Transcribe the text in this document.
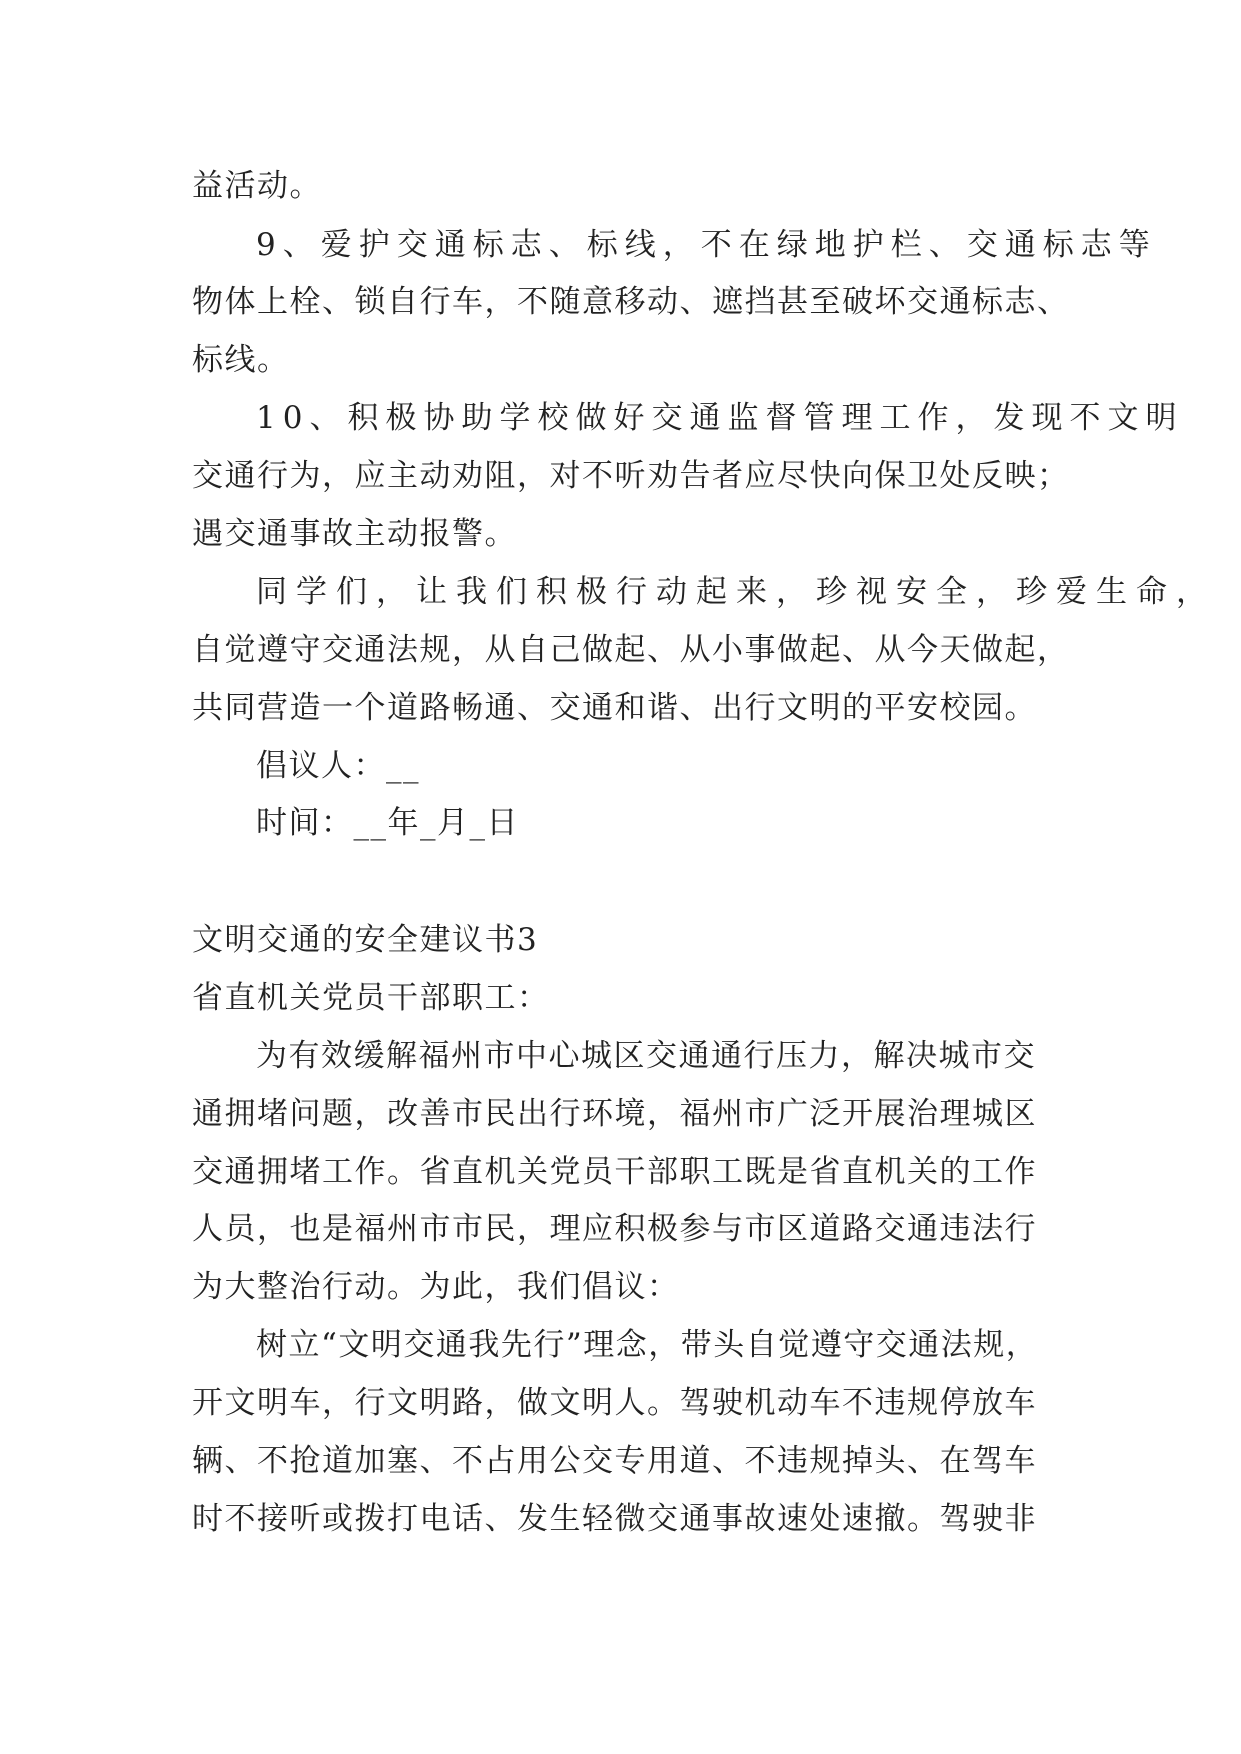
益活动。
9、爱护交通标志、标线，不在绿地护栏、交通标志等
物体上栓、锁自行车，不随意移动、遮挡甚至破坏交通标志、
标线。
10、积极协助学校做好交通监督管理工作，发现不文明
交通行为，应主动劝阻，对不听劝告者应尽快向保卫处反映；
遇交通事故主动报警。
同学们，让我们积极行动起来，珍视安全，珍爱生命，
自觉遵守交通法规，从自己做起、从小事做起、从今天做起，
共同营造一个道路畅通、交通和谐、出行文明的平安校园。
倡议人：__
时间：__年_月_日
文明交通的安全建议书3
省直机关党员干部职工：
为有效缓解福州市中心城区交通通行压力，解决城市交
通拥堵问题，改善市民出行环境，福州市广泛开展治理城区
交通拥堵工作。省直机关党员干部职工既是省直机关的工作
人员，也是福州市市民，理应积极参与市区道路交通违法行
为大整治行动。为此，我们倡议：
树立“文明交通我先行”理念，带头自觉遵守交通法规，
开文明车，行文明路，做文明人。驾驶机动车不违规停放车
辆、不抢道加塞、不占用公交专用道、不违规掉头、在驾车
时不接听或拨打电话、发生轻微交通事故速处速撤。驾驶非
